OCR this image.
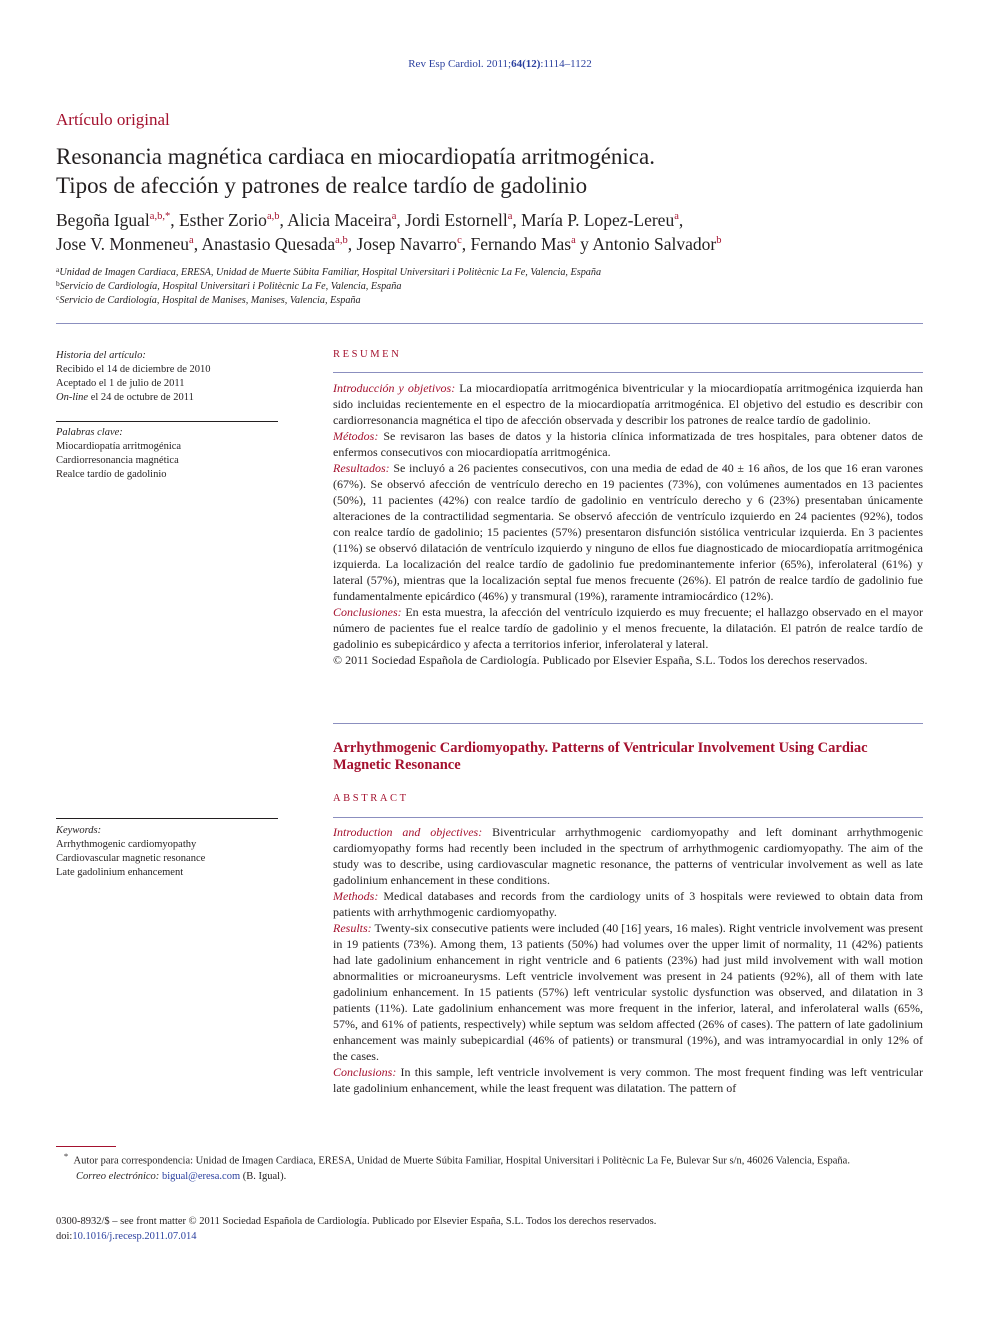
Rev Esp Cardiol. 2011;64(12):1114–1122
Artículo original
Resonancia magnética cardiaca en miocardiopatía arritmogénica.
Tipos de afección y patrones de realce tardío de gadolinio
Begoña Igual$^{a,b,*}$, Esther Zorio$^{a,b}$, Alicia Maceira$^a$, Jordi Estornell$^a$, María P. Lopez-Lereu$^a$,
Jose V. Monmeneu$^a$, Anastasio Quesada$^{a,b}$, Josep Navarro$^c$, Fernando Mas$^a$ y Antonio Salvador$^b$
$^a$Unidad de Imagen Cardiaca, ERESA, Unidad de Muerte Súbita Familiar, Hospital Universitari i Politècnic La Fe, Valencia, España
$^b$Servicio de Cardiología, Hospital Universitari i Politècnic La Fe, Valencia, España
$^c$Servicio de Cardiología, Hospital de Manises, Manises, Valencia, España
Historia del artículo:
Recibido el 14 de diciembre de 2010
Aceptado el 1 de julio de 2011
On-line el 24 de octubre de 2011
Palabras clave:
Miocardiopatía arritmogénica
Cardiorresonancia magnética
Realce tardío de gadolinio
Keywords:
Arrhythmogenic cardiomyopathy
Cardiovascular magnetic resonance
Late gadolinium enhancement
RESUMEN

Introducción y objetivos: La miocardiopatía arritmogénica biventricular y la miocardiopatía arritmogénica izquierda han sido incluidas recientemente en el espectro de la miocardiopatía arritmogénica. El objetivo del estudio es describir con cardiorresonancia magnética el tipo de afección observada y describir los patrones de realce tardío de gadolinio.

Métodos: Se revisaron las bases de datos y la historia clínica informatizada de tres hospitales, para obtener datos de enfermos consecutivos con miocardiopatía arritmogénica.

Resultados: Se incluyó a 26 pacientes consecutivos, con una media de edad de 40 ± 16 años, de los que 16 eran varones (67%). Se observó afección de ventrículo derecho en 19 pacientes (73%), con volúmenes aumentados en 13 pacientes (50%), 11 pacientes (42%) con realce tardío de gadolinio en ventrículo derecho y 6 (23%) presentaban únicamente alteraciones de la contractilidad segmentaria. Se observó afección de ventrículo izquierdo en 24 pacientes (92%), todos con realce tardío de gadolinio; 15 pacientes (57%) presentaron disfunción sistólica ventricular izquierda. En 3 pacientes (11%) se observó dilatación de ventrículo izquierdo y ninguno de ellos fue diagnosticado de miocardiopatía arritmogénica izquierda. La localización del realce tardío de gadolinio fue predominantemente inferior (65%), inferolateral (61%) y lateral (57%), mientras que la localización septal fue menos frecuente (26%). El patrón de realce tardío de gadolinio fue fundamentalmente epicárdico (46%) y transmural (19%), raramente intramiocárdico (12%).

Conclusiones: En esta muestra, la afección del ventrículo izquierdo es muy frecuente; el hallazgo observado en el mayor número de pacientes fue el realce tardío de gadolinio y el menos frecuente, la dilatación. El patrón de realce tardío de gadolinio es subepicárdico y afecta a territorios inferior, inferolateral y lateral.

© 2011 Sociedad Española de Cardiología. Publicado por Elsevier España, S.L. Todos los derechos reservados.

Arrhythmogenic Cardiomyopathy. Patterns of Ventricular Involvement Using Cardiac Magnetic Resonance
ABSTRACT

Introduction and objectives: Biventricular arrhythmogenic cardiomyopathy and left dominant arrhythmogenic cardiomyopathy forms had recently been included in the spectrum of arrhythmogenic cardiomyopathy. The aim of the study was to describe, using cardiovascular magnetic resonance, the patterns of ventricular involvement as well as late gadolinium enhancement in these conditions.

Methods: Medical databases and records from the cardiology units of 3 hospitals were reviewed to obtain data from patients with arrhythmogenic cardiomyopathy.

Results: Twenty-six consecutive patients were included (40 [16] years, 16 males). Right ventricle involvement was present in 19 patients (73%). Among them, 13 patients (50%) had volumes over the upper limit of normality, 11 (42%) patients had late gadolinium enhancement in right ventricle and 6 patients (23%) had just mild involvement with wall motion abnormalities or microaneurysms. Left ventricle involvement was present in 24 patients (92%), all of them with late gadolinium enhancement. In 15 patients (57%) left ventricular systolic dysfunction was observed, and dilatation in 3 patients (11%). Late gadolinium enhancement was more frequent in the inferior, lateral, and inferolateral walls (65%, 57%, and 61% of patients, respectively) while septum was seldom affected (26% of cases). The pattern of late gadolinium enhancement was mainly subepicardial (46% of patients) or transmural (19%), and was intramyocardial in only 12% of the cases.

Conclusions: In this sample, left ventricle involvement is very common. The most frequent finding was left ventricular late gadolinium enhancement, while the least frequent was dilatation. The pattern of

* Autor para correspondencia: Unidad de Imagen Cardiaca, ERESA, Unidad de Muerte Súbita Familiar, Hospital Universitari i Politècnic La Fe, Bulevar Sur s/n, 46026 Valencia, España.

Correo electrónico: bigual@eresa.com (B. Igual).

0300-8932/$ – see front matter © 2011 Sociedad Española de Cardiología. Publicado por Elsevier España, S.L. Todos los derechos reservados.

doi:10.1016/j.recesp.2011.07.014
